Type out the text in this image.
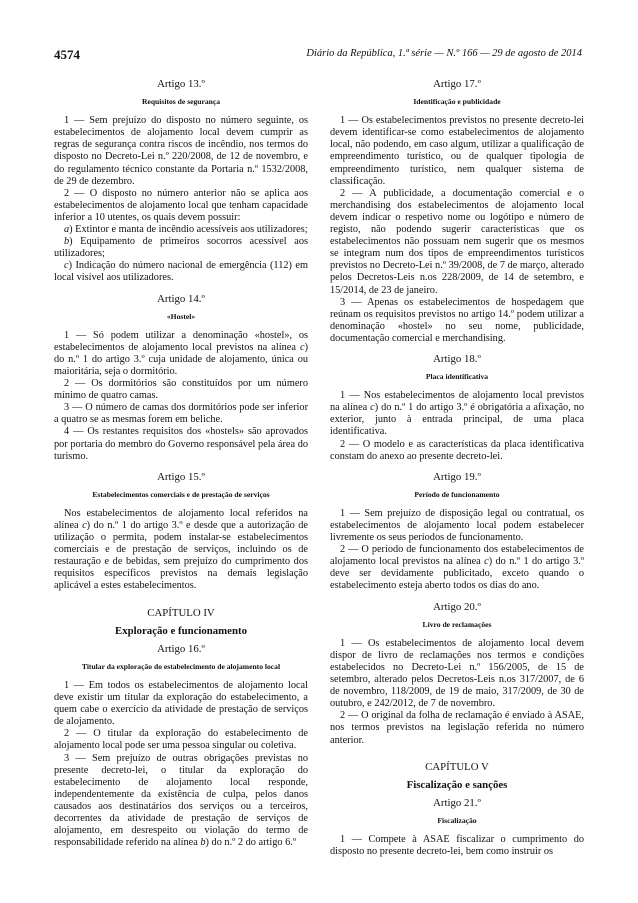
4574	Diário da República, 1.ª série — N.º 166 — 29 de agosto de 2014
Artigo 13.º
Requisitos de segurança

1 — Sem prejuízo do disposto no número seguinte, os estabelecimentos de alojamento local devem cumprir as regras de segurança contra riscos de incêndio, nos termos do disposto no Decreto-Lei n.º 220/2008, de 12 de novembro, e do regulamento técnico constante da Portaria n.º 1532/2008, de 29 de dezembro.

2 — O disposto no número anterior não se aplica aos estabelecimentos de alojamento local que tenham capacidade inferior a 10 utentes, os quais devem possuir:

a) Extintor e manta de incêndio acessíveis aos utilizadores;

b) Equipamento de primeiros socorros acessível aos utilizadores;

c) Indicação do número nacional de emergência (112) em local visível aos utilizadores.

Artigo 14.º
«Hostel»

1 — Só podem utilizar a denominação «hostel», os estabelecimentos de alojamento local previstos na alínea c) do n.º 1 do artigo 3.º cuja unidade de alojamento, única ou maioritária, seja o dormitório.

2 — Os dormitórios são constituídos por um número mínimo de quatro camas.

3 — O número de camas dos dormitórios pode ser inferior a quatro se as mesmas forem em beliche.

4 — Os restantes requisitos dos «hostels» são aprovados por portaria do membro do Governo responsável pela área do turismo.

Artigo 15.º
Estabelecimentos comerciais e de prestação de serviços

Nos estabelecimentos de alojamento local referidos na alínea c) do n.º 1 do artigo 3.º e desde que a autorização de utilização o permita, podem instalar-se estabelecimentos comerciais e de prestação de serviços, incluindo os de restauração e de bebidas, sem prejuízo do cumprimento dos requisitos específicos previstos na demais legislação aplicável a estes estabelecimentos.

CAPÍTULO IV
Exploração e funcionamento
Artigo 16.º
Titular da exploração do estabelecimento de alojamento local

1 — Em todos os estabelecimentos de alojamento local deve existir um titular da exploração do estabelecimento, a quem cabe o exercício da atividade de prestação de serviços de alojamento.

2 — O titular da exploração do estabelecimento de alojamento local pode ser uma pessoa singular ou coletiva.

3 — Sem prejuízo de outras obrigações previstas no presente decreto-lei, o titular da exploração do estabelecimento de alojamento local responde, independentemente da existência de culpa, pelos danos causados aos destinatários dos serviços ou a terceiros, decorrentes da atividade de prestação de serviços de alojamento, em desrespeito ou violação do termo de responsabilidade referido na alínea b) do n.º 2 do artigo 6.º

Artigo 17.º
Identificação e publicidade

1 — Os estabelecimentos previstos no presente decreto-lei devem identificar-se como estabelecimentos de alojamento local, não podendo, em caso algum, utilizar a qualificação de empreendimento turístico, ou de qualquer tipologia de empreendimento turístico, nem qualquer sistema de classificação.

2 — A publicidade, a documentação comercial e o merchandising dos estabelecimentos de alojamento local devem indicar o respetivo nome ou logótipo e número de registo, não podendo sugerir características que os estabelecimentos não possuam nem sugerir que os mesmos se integram num dos tipos de empreendimentos turísticos previstos no Decreto-Lei n.º 39/2008, de 7 de março, alterado pelos Decretos-Leis n.os 228/2009, de 14 de setembro, e 15/2014, de 23 de janeiro.

3 — Apenas os estabelecimentos de hospedagem que reúnam os requisitos previstos no artigo 14.º podem utilizar a denominação «hostel» no seu nome, publicidade, documentação comercial e merchandising.

Artigo 18.º
Placa identificativa

1 — Nos estabelecimentos de alojamento local previstos na alínea c) do n.º 1 do artigo 3.º é obrigatória a afixação, no exterior, junto à entrada principal, de uma placa identificativa.

2 — O modelo e as características da placa identificativa constam do anexo ao presente decreto-lei.

Artigo 19.º
Período de funcionamento

1 — Sem prejuízo de disposição legal ou contratual, os estabelecimentos de alojamento local podem estabelecer livremente os seus períodos de funcionamento.

2 — O período de funcionamento dos estabelecimentos de alojamento local previstos na alínea c) do n.º 1 do artigo 3.º deve ser devidamente publicitado, exceto quando o estabelecimento esteja aberto todos os dias do ano.

Artigo 20.º
Livro de reclamações

1 — Os estabelecimentos de alojamento local devem dispor de livro de reclamações nos termos e condições estabelecidos no Decreto-Lei n.º 156/2005, de 15 de setembro, alterado pelos Decretos-Leis n.os 317/2007, de 6 de novembro, 118/2009, de 19 de maio, 317/2009, de 30 de outubro, e 242/2012, de 7 de novembro.

2 — O original da folha de reclamação é enviado à ASAE, nos termos previstos na legislação referida no número anterior.

CAPÍTULO V
Fiscalização e sanções
Artigo 21.º
Fiscalização

1 — Compete à ASAE fiscalizar o cumprimento do disposto no presente decreto-lei, bem como instruir os
